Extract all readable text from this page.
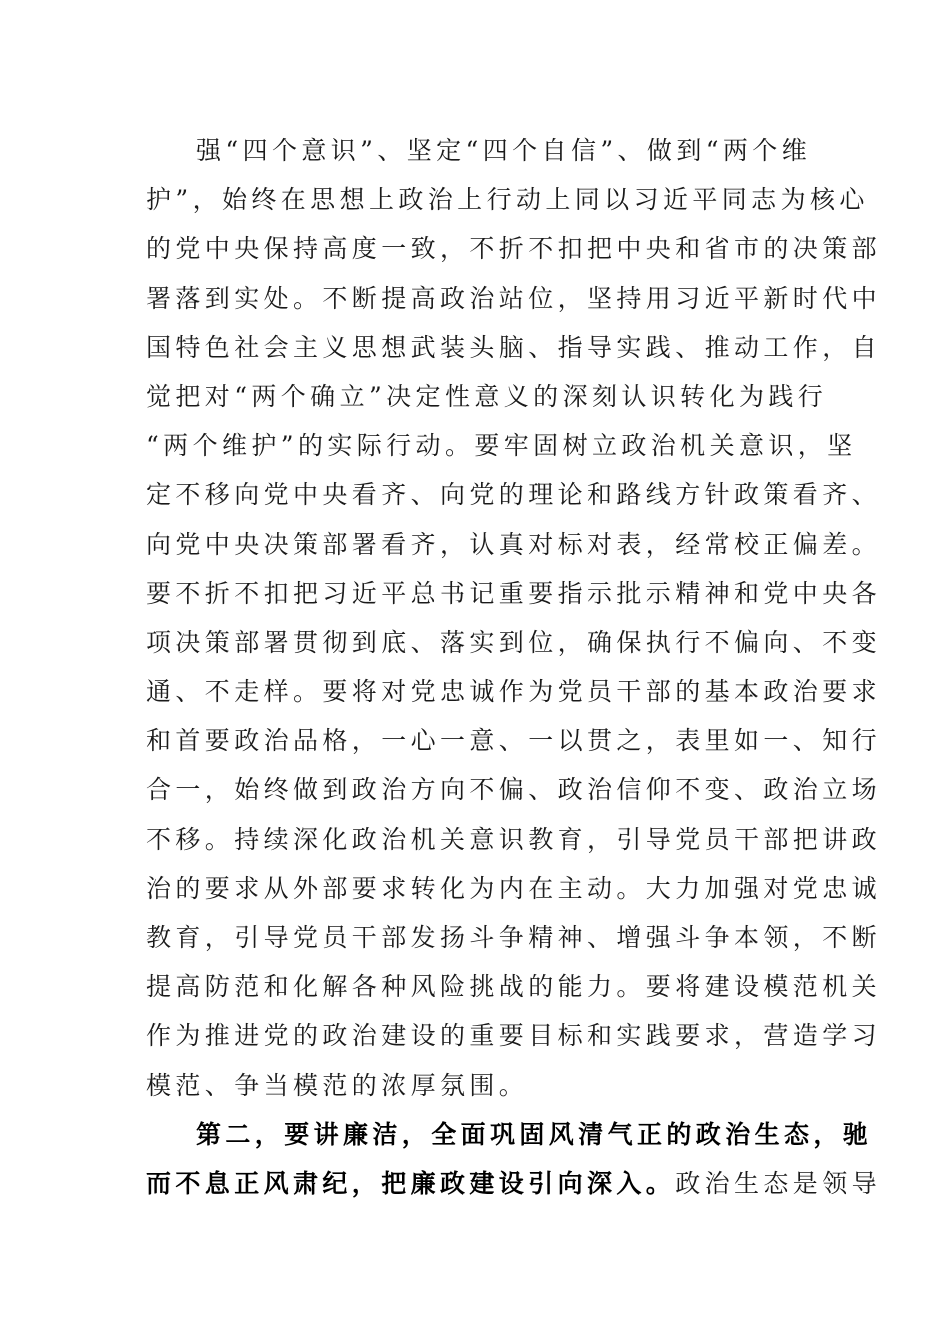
强“四个意识”、坚定“四个自信”、做到“两个维
护”，始终在思想上政治上行动上同以习近平同志为核心
的党中央保持高度一致，不折不扣把中央和省市的决策部
署落到实处。不断提高政治站位，坚持用习近平新时代中
国特色社会主义思想武装头脑、指导实践、推动工作，自
觉把对“两个确立”决定性意义的深刻认识转化为践行
“两个维护”的实际行动。要牢固树立政治机关意识，坚
定不移向党中央看齐、向党的理论和路线方针政策看齐、
向党中央决策部署看齐，认真对标对表，经常校正偏差。
要不折不扣把习近平总书记重要指示批示精神和党中央各
项决策部署贯彻到底、落实到位，确保执行不偏向、不变
通、不走样。要将对党忠诚作为党员干部的基本政治要求
和首要政治品格，一心一意、一以贯之，表里如一、知行
合一，始终做到政治方向不偏、政治信仰不变、政治立场
不移。持续深化政治机关意识教育，引导党员干部把讲政
治的要求从外部要求转化为内在主动。大力加强对党忠诚
教育，引导党员干部发扬斗争精神、增强斗争本领，不断
提高防范和化解各种风险挑战的能力。要将建设模范机关
作为推进党的政治建设的重要目标和实践要求，营造学习
模范、争当模范的浓厚氛围。
第二，要讲廉洁，全面巩固风清气正的政治生态，驰
而不息正风肃纪，把廉政建设引向深入。政治生态是领导
